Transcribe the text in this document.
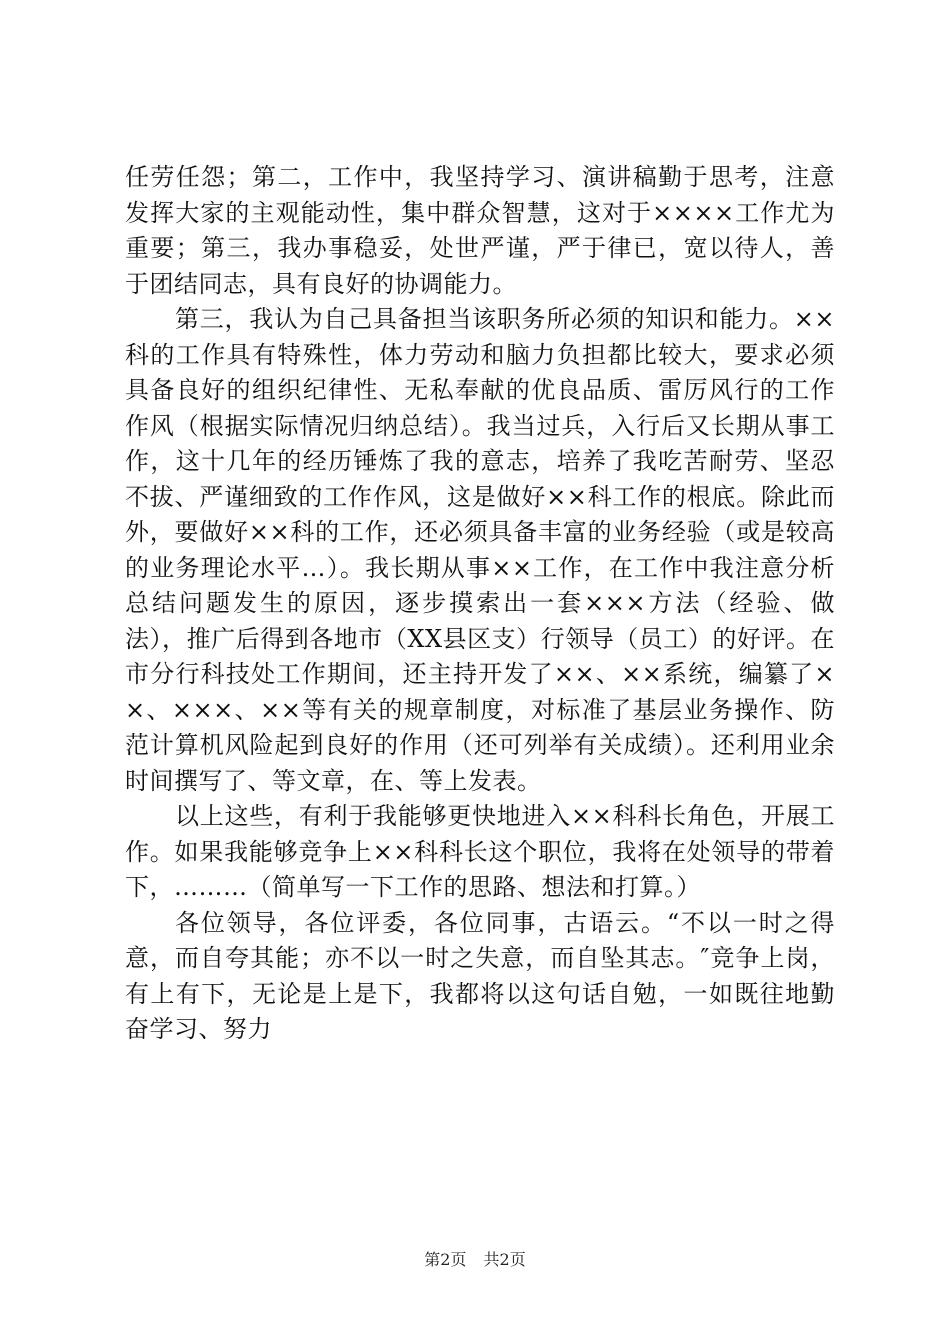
任劳任怨；第二，工作中，我坚持学习、演讲稿勤于思考，注意发挥大家的主观能动性，集中群众智慧，这对于××××工作尤为重要；第三，我办事稳妥，处世严谨，严于律已，宽以待人，善于团结同志，具有良好的协调能力。

第三，我认为自己具备担当该职务所必须的知识和能力。××科的工作具有特殊性，体力劳动和脑力负担都比较大，要求必须具备良好的组织纪律性、无私奉献的优良品质、雷厉风行的工作作风（根据实际情况归纳总结）。我当过兵，入行后又长期从事工作，这十几年的经历锤炼了我的意志，培养了我吃苦耐劳、坚忍不拔、严谨细致的工作作风，这是做好××科工作的根底。除此而外，要做好××科的工作，还必须具备丰富的业务经验（或是较高的业务理论水平…）。我长期从事××工作，在工作中我注意分析总结问题发生的原因，逐步摸索出一套×××方法（经验、做法），推广后得到各地市（XX县区支）行领导（员工）的好评。在市分行科技处工作期间，还主持开发了××、××系统，编纂了××、×××、××等有关的规章制度，对标准了基层业务操作、防范计算机风险起到良好的作用（还可列举有关成绩）。还利用业余时间撰写了、等文章，在、等上发表。

以上这些，有利于我能够更快地进入××科科长角色，开展工作。如果我能够竞争上××科科长这个职位，我将在处领导的带着下，………（简单写一下工作的思路、想法和打算。）

各位领导，各位评委，各位同事，古语云。“不以一时之得意，而自夸其能；亦不以一时之失意，而自坠其志。″竞争上岗，有上有下，无论是上是下，我都将以这句话自勉，一如既往地勤奋学习、努力

第2页 共2页
